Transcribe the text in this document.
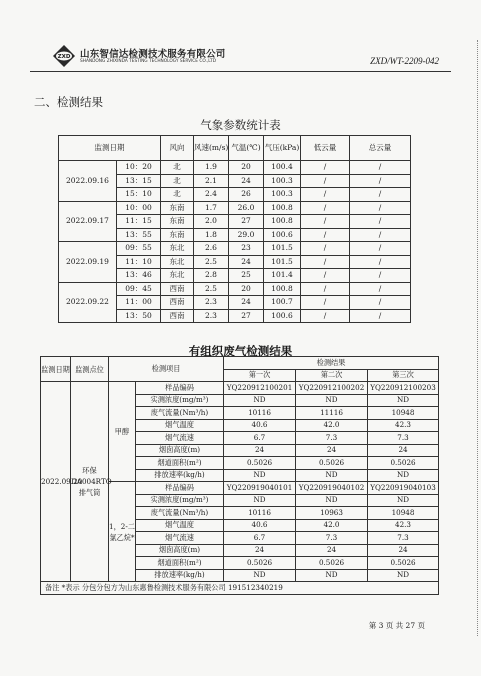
ZXD 山东智信达检测技术服务有限公司
SHANDONG ZHIXINDA TESTING TECHNOLOGY SERVICE CO.,LTD	ZXD/WT-2209-042
二、检测结果
气象参数统计表
监测日期		风向	风速(m/s)	气温(℃)	气压(kPa)	低云量	总云量
2022.09.16	10：20	北	1.9	20	100.4	/	/
	13：15	北	2.1	24	100.3	/	/
	15：10	北	2.4	26	100.3	/	/
2022.09.17	10：00	东南	1.7	26.0	100.8	/	/
	11：15	东南	2.0	27	100.8	/	/
	13：55	东南	1.8	29.0	100.6	/	/
2022.09.19	09：55	东北	2.6	23	101.5	/	/
	11：10	东北	2.5	24	101.5	/	/
	13：46	东北	2.8	25	101.4	/	/
2022.09.22	09：45	西南	2.5	20	100.8	/	/
	11：00	西南	2.3	24	100.7	/	/
	13：50	西南	2.3	27	100.6	/	/
有组织废气检测结果
监测日期	监测点位	检测项目		检测结果		
				第一次	第二次	第三次
2022.09.20	环保DA004RTO排气筒	甲醇	样品编码	YQ220912100201	YQ220912100202	YQ220912100203
			实测浓度(mg/m³)	ND	ND	ND
			废气流量(Nm³/h)	10116	11116	10948
			烟气温度	40.6	42.0	42.3
			烟气流速	6.7	7.3	7.3
			烟囱高度(m)	24	24	24
			烟道面积(m²)	0.5026	0.5026	0.5026
			排放速率(kg/h)	ND	ND	ND
		1，2-二氯乙烷*	样品编码	YQ220919040101	YQ220919040102	YQ220919040103
			实测浓度(mg/m³)	ND	ND	ND
			废气流量(Nm³/h)	10116	10963	10948
			烟气温度	40.6	42.0	42.3
			烟气流速	6.7	7.3	7.3
			烟囱高度(m)	24	24	24
			烟道面积(m²)	0.5026	0.5026	0.5026
			排放速率(kg/h)	ND	ND	ND
备注 *表示 分包分包方为山东惠鲁检测技术服务有限公司 191512340219						
第 3 页 共 27 页
